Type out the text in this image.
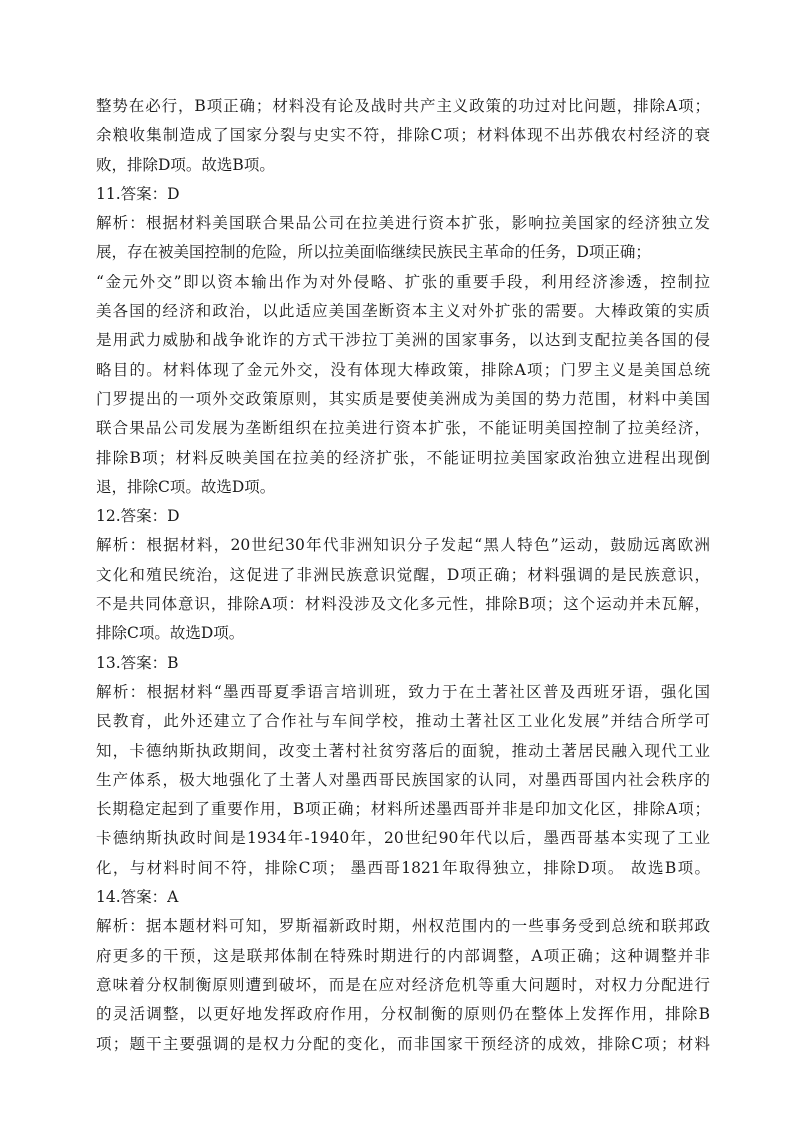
整势在必行，B项正确；材料没有论及战时共产主义政策的功过对比问题，排除A项；
余粮收集制造成了国家分裂与史实不符，排除C项；材料体现不出苏俄农村经济的衰
败，排除D项。故选B项。
11.答案：D
解析：根据材料美国联合果品公司在拉美进行资本扩张，影响拉美国家的经济独立发
展，存在被美国控制的危险，所以拉美面临继续民族民主革命的任务，D项正确；
“金元外交”即以资本输出作为对外侵略、扩张的重要手段，利用经济渗透，控制拉
美各国的经济和政治，以此适应美国垄断资本主义对外扩张的需要。大棒政策的实质
是用武力威胁和战争讹诈的方式干涉拉丁美洲的国家事务，以达到支配拉美各国的侵
略目的。材料体现了金元外交，没有体现大棒政策，排除A项；门罗主义是美国总统
门罗提出的一项外交政策原则，其实质是要使美洲成为美国的势力范围，材料中美国
联合果品公司发展为垄断组织在拉美进行资本扩张，不能证明美国控制了拉美经济，
排除B项；材料反映美国在拉美的经济扩张，不能证明拉美国家政治独立进程出现倒
退，排除C项。故选D项。
12.答案：D
解析：根据材料，20世纪30年代非洲知识分子发起“黑人特色”运动，鼓励远离欧洲
文化和殖民统治，这促进了非洲民族意识觉醒，D项正确；材料强调的是民族意识，
不是共同体意识，排除A项：材料没涉及文化多元性，排除B项；这个运动并未瓦解，
排除C项。故选D项。
13.答案：B
解析：根据材料“墨西哥夏季语言培训班，致力于在土著社区普及西班牙语，强化国
民教育，此外还建立了合作社与车间学校，推动土著社区工业化发展”并结合所学可
知，卡德纳斯执政期间，改变土著村社贫穷落后的面貌，推动土著居民融入现代工业
生产体系，极大地强化了土著人对墨西哥民族国家的认同，对墨西哥国内社会秩序的
长期稳定起到了重要作用，B项正确；材料所述墨西哥并非是印加文化区，排除A项；
卡德纳斯执政时间是1934年-1940年，20世纪90年代以后，墨西哥基本实现了工业
化，与材料时间不符，排除C项； 墨西哥1821年取得独立，排除D项。 故选B项。
14.答案：A
解析：据本题材料可知，罗斯福新政时期，州权范围内的一些事务受到总统和联邦政
府更多的干预，这是联邦体制在特殊时期进行的内部调整，A项正确；这种调整并非
意味着分权制衡原则遭到破坏，而是在应对经济危机等重大问题时，对权力分配进行
的灵活调整，以更好地发挥政府作用，分权制衡的原则仍在整体上发挥作用，排除B
项；题干主要强调的是权力分配的变化，而非国家干预经济的成效，排除C项；材料
